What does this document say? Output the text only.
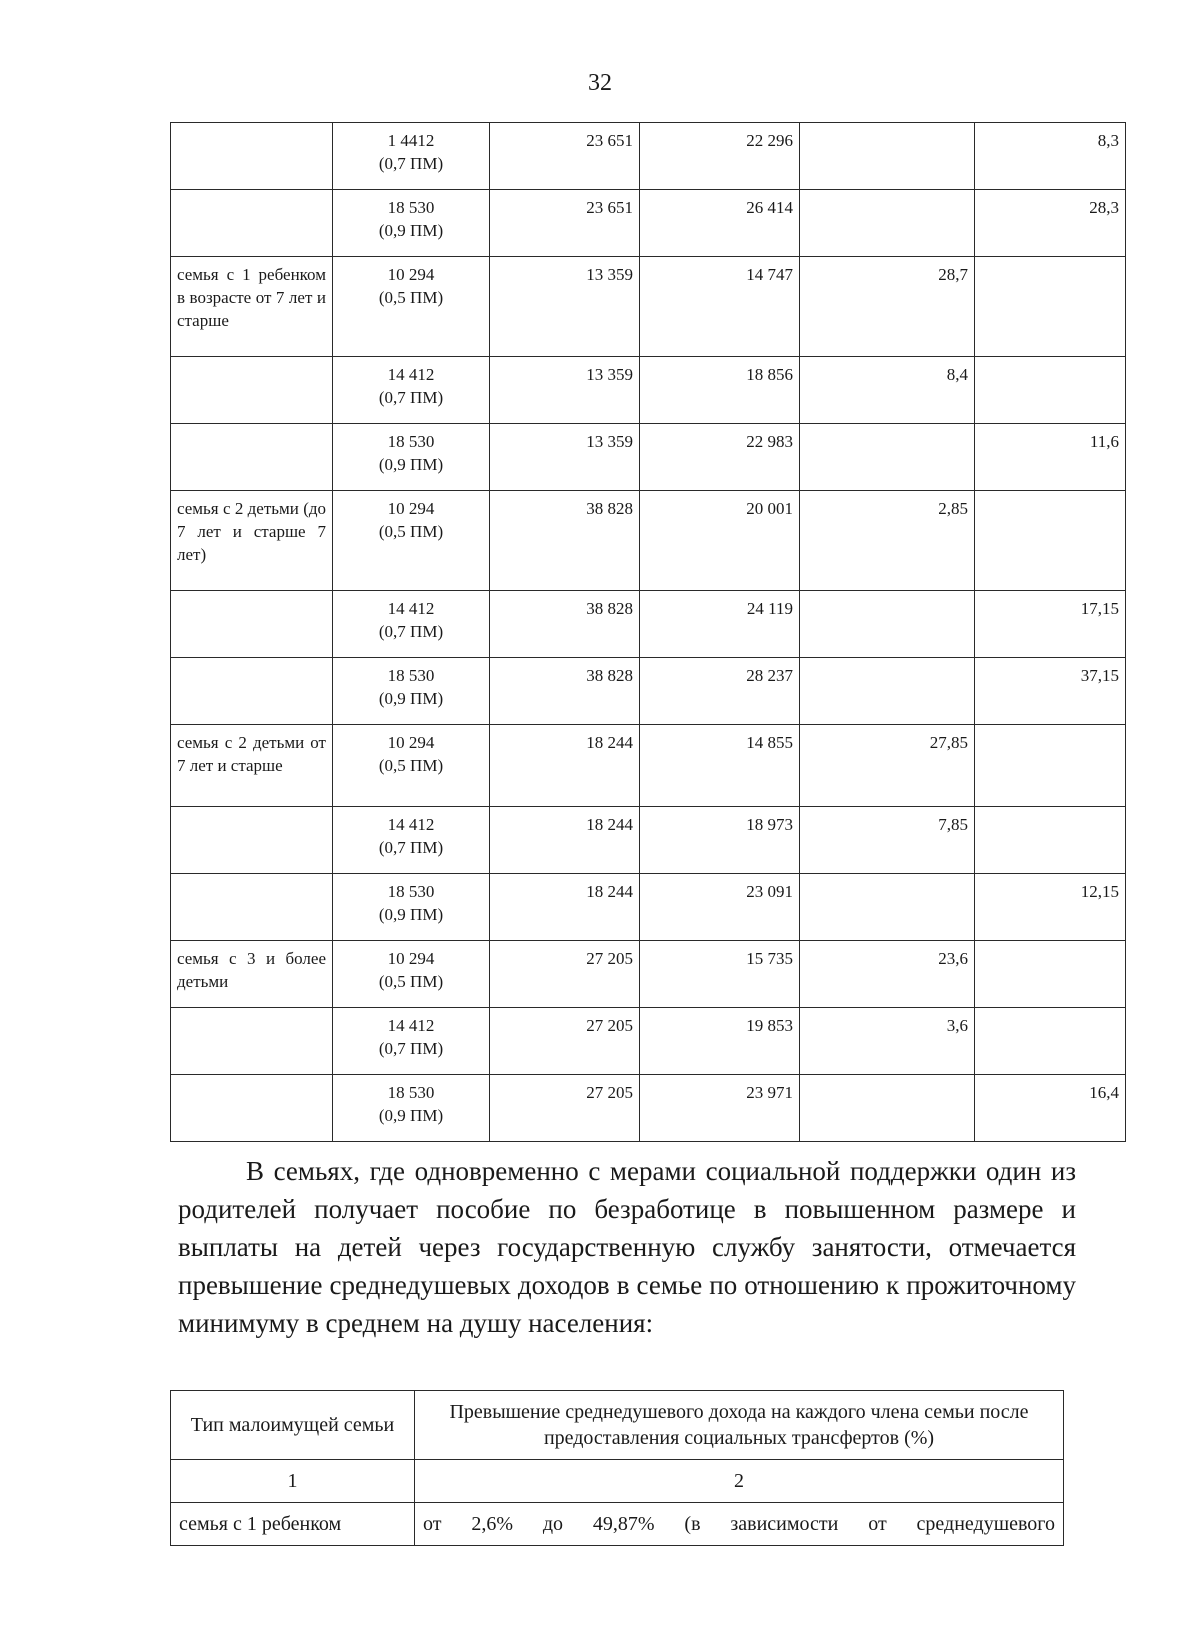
32

	1 4412
(0,7 ПМ)	23 651	22 296		8,3

	18 530
(0,9 ПМ)	23 651	26 414		28,3
семья с 1 ребенком в возрасте от 7 лет и старше	10 294
(0,5 ПМ)	13 359	14 747	28,7	

	14 412
(0,7 ПМ)	13 359	18 856	8,4	

	18 530
(0,9 ПМ)	13 359	22 983		11,6
семья с 2 детьми (до 7 лет и старше 7 лет)	10 294
(0,5 ПМ)	38 828	20 001	2,85	

	14 412
(0,7 ПМ)	38 828	24 119		17,15

	18 530
(0,9 ПМ)	38 828	28 237		37,15
семья с 2 детьми от 7 лет и старше	10 294
(0,5 ПМ)	18 244	14 855	27,85	

	14 412
(0,7 ПМ)	18 244	18 973	7,85	

	18 530
(0,9 ПМ)	18 244	23 091		12,15
семья с 3 и более детьми	10 294
(0,5 ПМ)	27 205	15 735	23,6	

	14 412
(0,7 ПМ)	27 205	19 853	3,6	

	18 530
(0,9 ПМ)	27 205	23 971		16,4

В семьях, где одновременно с мерами социальной поддержки один из родителей получает пособие по безработице в повышенном размере и выплаты на детей через государственную службу занятости, отмечается превышение среднедушевых доходов в семье по отношению к прожиточному минимуму в среднем на душу населения:

Тип малоимущей семьи	Превышение среднедушевого дохода на каждого члена семьи после предоставления социальных трансфертов (%)
1	2
семья с 1 ребенком	от 2,6% до 49,87% (в зависимости от среднедушевого
